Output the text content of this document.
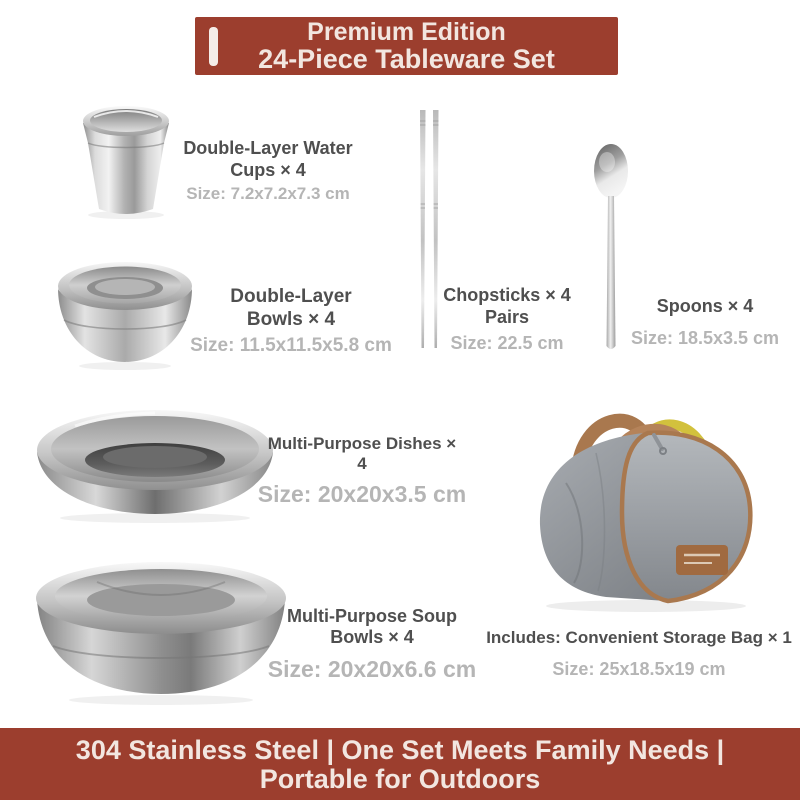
Premium Edition
24-Piece Tableware Set
Double-Layer Water Cups × 4
Size: 7.2x7.2x7.3 cm
Double-Layer Bowls × 4
Size: 11.5x11.5x5.8 cm
Chopsticks × 4 Pairs
Size: 22.5 cm
Spoons × 4
Size: 18.5x3.5 cm
Multi-Purpose Dishes × 4
Size: 20x20x3.5 cm
Multi-Purpose Soup Bowls × 4
Size: 20x20x6.6 cm
Includes: Convenient Storage Bag × 1
Size: 25x18.5x19 cm
304 Stainless Steel | One Set Meets Family Needs |
Portable for Outdoors
